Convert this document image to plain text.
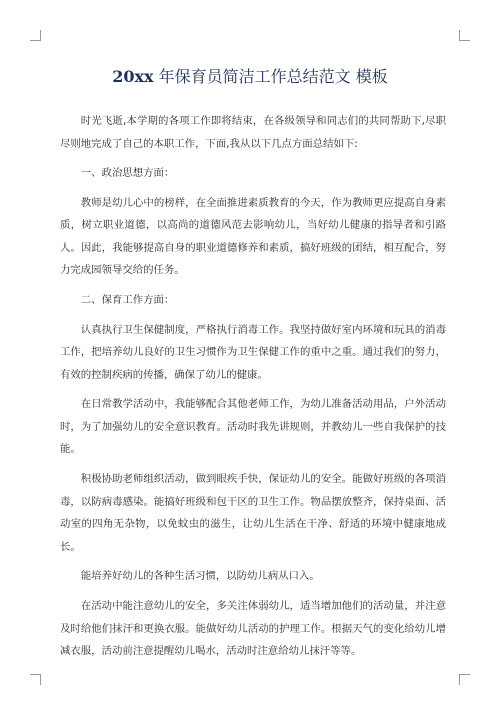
20xx 年保育员简洁工作总结范文 模板

时光飞逝,本学期的各项工作即将结束，在各级领导和同志们的共同帮助下,尽职尽则地完成了自己的本职工作，下面,我从以下几点方面总结如下:

一、政治思想方面：

教师是幼儿心中的榜样，在全面推进素质教育的今天，作为教师更应提高自身素质，树立职业道德，以高尚的道德风范去影响幼儿，当好幼儿健康的指导者和引路人。因此，我能够提高自身的职业道德修养和素质，搞好班级的团结，相互配合，努力完成园领导交给的任务。

二、保育工作方面：

认真执行卫生保健制度，严格执行消毒工作。我坚持做好室内环境和玩具的消毒工作，把培养幼儿良好的卫生习惯作为卫生保健工作的重中之重。通过我们的努力，有效的控制疾病的传播，确保了幼儿的健康。

在日常教学活动中，我能够配合其他老师工作，为幼儿准备活动用品，户外活动时，为了加强幼儿的安全意识教育。活动时我先讲规则，并教幼儿一些自我保护的技能。

积极协助老师组织活动，做到眼疾手快，保证幼儿的安全。能做好班级的各项消毒，以防病毒感染。能搞好班级和包干区的卫生工作。物品摆放整齐，保持桌面、活动室的四角无杂物，以免蚊虫的滋生，让幼儿生活在干净、舒适的环境中健康地成长。

能培养好幼儿的各种生活习惯，以防幼儿病从口入。

在活动中能注意幼儿的安全，多关注体弱幼儿，适当增加他们的活动量，并注意及时给他们抹汗和更换衣服。能做好幼儿活动的护理工作。根据天气的变化给幼儿增减衣服，活动前注意提醒幼儿喝水，活动时注意给幼儿抹汗等等。
